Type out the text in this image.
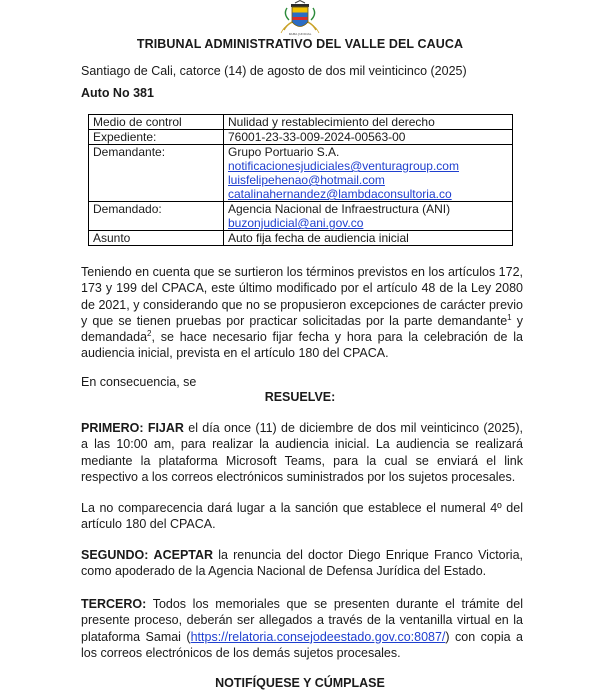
RAMA JUDICIAL
TRIBUNAL ADMINISTRATIVO DEL VALLE DEL CAUCA
Santiago de Cali, catorce (14) de agosto de dos mil veinticinco (2025)
Auto No 381
Medio de control	Nulidad y restablecimiento del derecho
Expediente:	76001-23-33-009-2024-00563-00
Demandante:	Grupo Portuario S.A.
notificacionesjudiciales@venturagroup.com
luisfelipehenao@hotmail.com
catalinahernandez@lambdaconsultoria.co

Demandado:	Agencia Nacional de Infraestructura (ANI)
buzonjudicial@ani.gov.co

Asunto	Auto fija fecha de audiencia inicial

Teniendo en cuenta que se surtieron los términos previstos en los artículos 172, 173 y 199 del CPACA, este último modificado por el artículo 48 de la Ley 2080 de 2021, y considerando que no se propusieron excepciones de carácter previo y que se tienen pruebas por practicar solicitadas por la parte demandante$^1$ y demandada$^2$, se hace necesario fijar fecha y hora para la celebración de la audiencia inicial, prevista en el artículo 180 del CPACA.

En consecuencia, se

RESUELVE:

PRIMERO: FIJAR el día once (11) de diciembre de dos mil veinticinco (2025), a las 10:00 am, para realizar la audiencia inicial. La audiencia se realizará mediante la plataforma Microsoft Teams, para la cual se enviará el link respectivo a los correos electrónicos suministrados por los sujetos procesales.

La no comparecencia dará lugar a la sanción que establece el numeral 4º del artículo 180 del CPACA.

SEGUNDO: ACEPTAR la renuncia del doctor Diego Enrique Franco Victoria, como apoderado de la Agencia Nacional de Defensa Jurídica del Estado.

TERCERO: Todos los memoriales que se presenten durante el trámite del presente proceso, deberán ser allegados a través de la ventanilla virtual en la plataforma Samai (https://relatoria.consejodeestado.gov.co:8087/) con copia a los correos electrónicos de los demás sujetos procesales.

NOTIFÍQUESE Y CÚMPLASE
